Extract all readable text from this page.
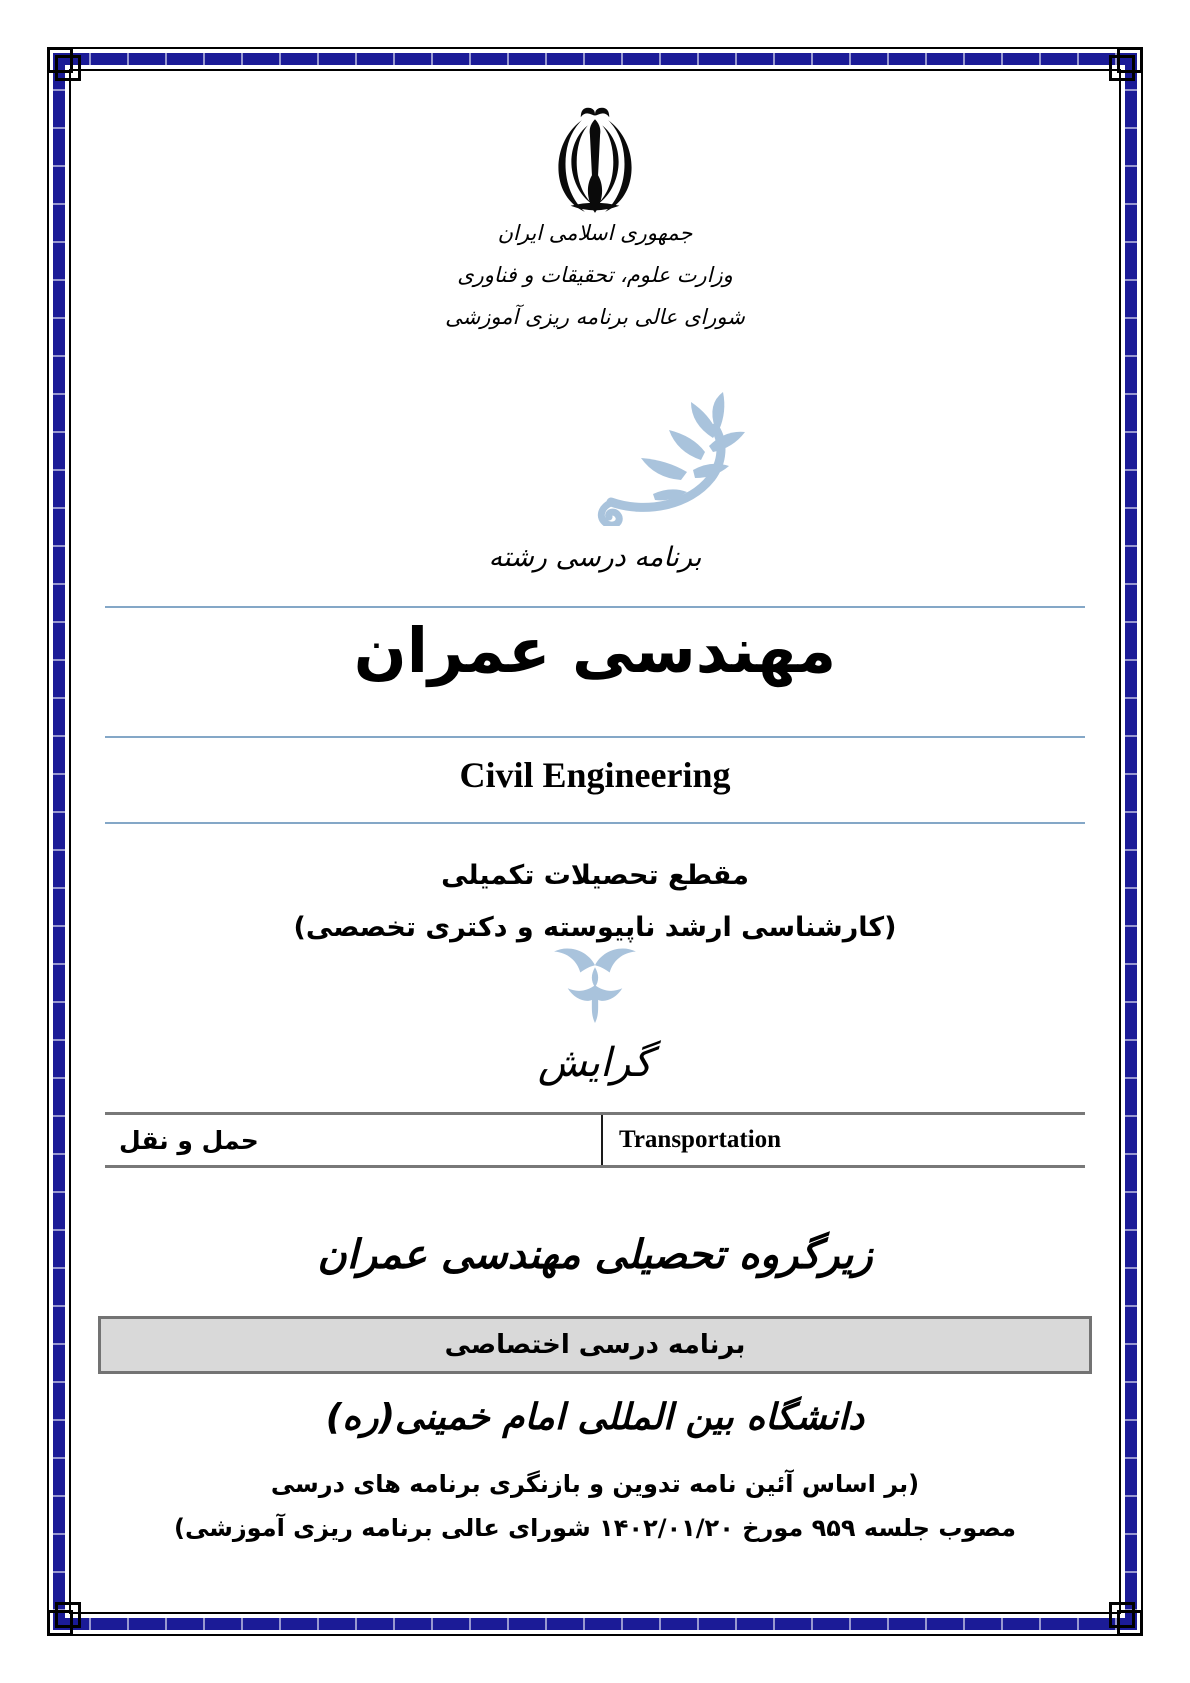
جمهوری اسلامی ایران
وزارت علوم، تحقیقات و فناوری
شورای عالی برنامه ریزی آموزشی
برنامه درسی رشته
مهندسی عمران
Civil Engineering
مقطع تحصیلات تکمیلی
(کارشناسی ارشد ناپیوسته و دکتری تخصصی)
گرایش
حمل و نقل	Transportation
زیرگروه تحصیلی مهندسی عمران
برنامه درسی اختصاصی
دانشگاه بین المللی امام خمینی(ره)
(بر اساس آئین نامه تدوین و بازنگری برنامه های درسی
مصوب جلسه ۹۵۹ مورخ ۱۴۰۲/۰۱/۲۰ شورای عالی برنامه ریزی آموزشی)
